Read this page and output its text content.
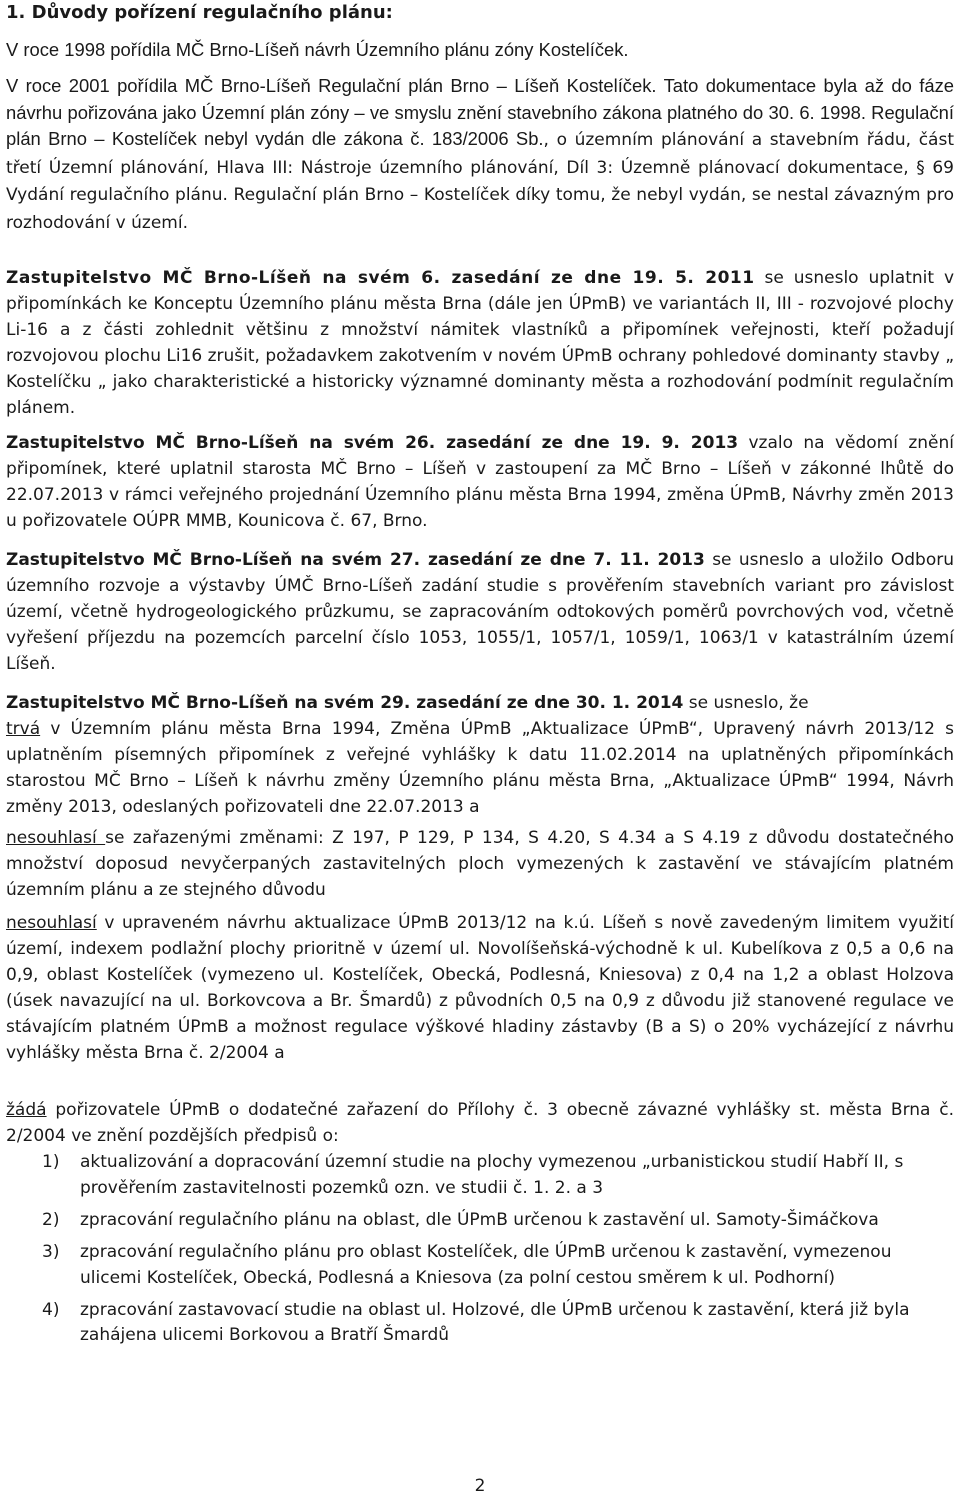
1. Důvody pořízení regulačního plánu:
V roce 1998 pořídila MČ Brno-Líšeň návrh Územního plánu zóny Kostelíček.
V roce 2001 pořídila MČ Brno-Líšeň Regulační plán Brno – Líšeň Kostelíček. Tato dokumentace byla až do fáze návrhu pořizována jako Územní plán zóny – ve smyslu znění stavebního zákona platného do 30. 6. 1998. Regulační plán Brno – Kostelíček nebyl vydán dle zákona č. 183/2006 Sb., o územním plánování a stavebním řádu, část třetí Územní plánování, Hlava III: Nástroje územního plánování, Díl 3: Územně plánovací dokumentace, § 69 Vydání regulačního plánu. Regulační plán Brno – Kostelíček díky tomu, že nebyl vydán, se nestal závazným pro rozhodování v území.
Zastupitelstvo MČ Brno-Líšeň na svém 6. zasedání ze dne 19. 5. 2011 se usneslo uplatnit v připomínkách ke Konceptu Územního plánu města Brna (dále jen ÚPmB) ve variantách II, III - rozvojové plochy Li-16 a z části zohlednit většinu z množství námitek vlastníků a připomínek veřejnosti, kteří požadují rozvojovou plochu Li16 zrušit, požadavkem zakotvením v novém ÚPmB ochrany pohledové dominanty stavby „ Kostelíčku „ jako charakteristické a historicky významné dominanty města a rozhodování podmínit regulačním plánem.
Zastupitelstvo MČ Brno-Líšeň na svém 26. zasedání ze dne 19. 9. 2013 vzalo na vědomí znění připomínek, které uplatnil starosta MČ Brno – Líšeň v zastoupení za MČ Brno – Líšeň v zákonné lhůtě do 22.07.2013 v rámci veřejného projednání Územního plánu města Brna 1994, změna ÚPmB, Návrhy změn 2013 u pořizovatele OÚPR MMB, Kounicova č. 67, Brno.
Zastupitelstvo MČ Brno-Líšeň na svém 27. zasedání ze dne 7. 11. 2013 se usneslo a uložilo Odboru územního rozvoje a výstavby ÚMČ Brno-Líšeň zadání studie s prověřením stavebních variant pro závislost území, včetně hydrogeologického průzkumu, se zapracováním odtokových poměrů povrchových vod, včetně vyřešení příjezdu na pozemcích parcelní číslo 1053, 1055/1, 1057/1, 1059/1, 1063/1 v katastrálním území Líšeň.
Zastupitelstvo MČ Brno-Líšeň na svém 29. zasedání ze dne 30. 1. 2014 se usneslo, že
trvá v Územním plánu města Brna 1994, Změna ÚPmB „Aktualizace ÚPmB“, Upravený návrh 2013/12 s uplatněním písemných připomínek z veřejné vyhlášky k datu 11.02.2014 na uplatněných připomínkách starostou MČ Brno – Líšeň k návrhu změny Územního plánu města Brna, „Aktualizace ÚPmB“ 1994, Návrh změny 2013, odeslaných pořizovateli dne 22.07.2013 a
nesouhlasí se zařazenými změnami: Z 197, P 129, P 134, S 4.20, S 4.34 a S 4.19 z důvodu dostatečného množství doposud nevyčerpaných zastavitelných ploch vymezených k zastavění ve stávajícím platném územním plánu a ze stejného důvodu
nesouhlasí v upraveném návrhu aktualizace ÚPmB 2013/12 na k.ú. Líšeň s nově zavedeným limitem využití území, indexem podlažní plochy prioritně v území ul. Novolíšeňská-východně k ul. Kubelíkova z 0,5 a 0,6 na 0,9, oblast Kostelíček (vymezeno ul. Kostelíček, Obecká, Podlesná, Kniesova) z 0,4 na 1,2 a oblast Holzova (úsek navazující na ul. Borkovcova a Br. Šmardů) z původních 0,5 na 0,9 z důvodu již stanovené regulace ve stávajícím platném ÚPmB a možnost regulace výškové hladiny zástavby (B a S) o 20% vycházející z návrhu vyhlášky města Brna č. 2/2004 a
žádá pořizovatele ÚPmB o dodatečné zařazení do Přílohy č. 3 obecně závazné vyhlášky st. města Brna č. 2/2004 ve znění pozdějších předpisů o:
1) aktualizování a dopracování územní studie na plochy vymezenou „urbanistickou studií Habří II, s prověřením zastavitelnosti pozemků ozn. ve studii č. 1. 2. a 3
2) zpracování regulačního plánu na oblast, dle ÚPmB určenou k zastavění ul. Samoty-Šimáčkova
3) zpracování regulačního plánu pro oblast Kostelíček, dle ÚPmB určenou k zastavění, vymezenou ulicemi Kostelíček, Obecká, Podlesná a Kniesova (za polní cestou směrem k ul. Podhorní)
4) zpracování zastavovací studie na oblast ul. Holzové, dle ÚPmB určenou k zastavění, která již byla zahájena ulicemi Borkovou a Bratří Šmardů
2
